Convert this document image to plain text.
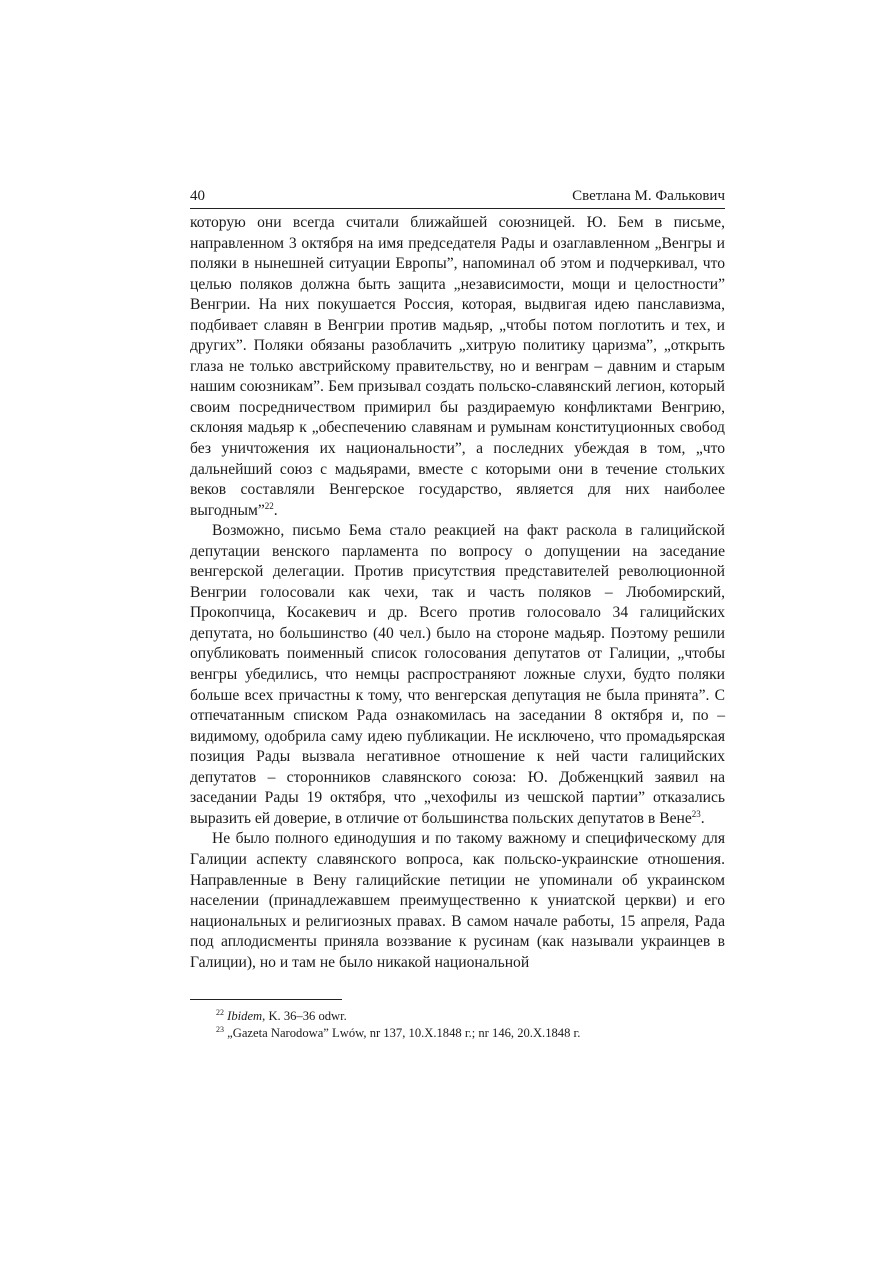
40	Светлана М. Фалькович

которую они всегда считали ближайшей союзницей. Ю. Бем в письме, направленном 3 октября на имя председателя Рады и озаглавленном „Венгры и поляки в нынешней ситуации Европы”, напоминал об этом и подчеркивал, что целью поляков должна быть защита „независимости, мощи и целостности” Венгрии. На них покушается Россия, которая, выдвигая идею панславизма, подбивает славян в Венгрии против мадьяр, „чтобы потом поглотить и тех, и других”. Поляки обязаны разоблачить „хитрую политику царизма”, „открыть глаза не только австрийскому правительству, но и венграм – давним и старым нашим союзникам”. Бем призывал создать польско-славянский легион, который своим посредничеством примирил бы раздираемую конфликтами Венгрию, склоняя мадьяр к „обеспечению славянам и румынам конституционных свобод без уничтожения их национальности”, а последних убеждая в том, „что дальнейший союз с мадьярами, вместе с которыми они в течение стольких веков составляли Венгерское государство, является для них наиболее выгодным”$^{22}$.

Возможно, письмо Бема стало реакцией на факт раскола в галицийской депутации венского парламента по вопросу о допущении на заседание венгерской делегации. Против присутствия представителей революционной Венгрии голосовали как чехи, так и часть поляков – Любомирский, Прокопчица, Косакевич и др. Всего против голосовало 34 галицийских депутата, но большинство (40 чел.) было на стороне мадьяр. Поэтому решили опубликовать поименный список голосования депутатов от Галиции, „чтобы венгры убедились, что немцы распространяют ложные слухи, будто поляки больше всех причастны к тому, что венгерская депутация не была принята”. С отпечатанным списком Рада ознакомилась на заседании 8 октября и, по – видимому, одобрила саму идею публикации. Не исключено, что промадьярская позиция Рады вызвала негативное отношение к ней части галицийских депутатов – сторонников славянского союза: Ю. Добженцкий заявил на заседании Рады 19 октября, что „чехофилы из чешской партии” отказались выразить ей доверие, в отличие от большинства польских депутатов в Вене$^{23}$.

Не было полного единодушия и по такому важному и специфическому для Галиции аспекту славянского вопроса, как польско-украинские отношения. Направленные в Вену галицийские петиции не упоминали об украинском населении (принадлежавшем преимущественно к униатской церкви) и его национальных и религиозных правах. В самом начале работы, 15 апреля, Рада под аплодисменты приняла воззвание к русинам (как называли украинцев в Галиции), но и там не было никакой национальной

$^{22}$ Ibidem, K. 36–36 odwr.
$^{23}$ „Gazeta Narodowa” Lwów, nr 137, 10.X.1848 г.; nr 146, 20.X.1848 г.
